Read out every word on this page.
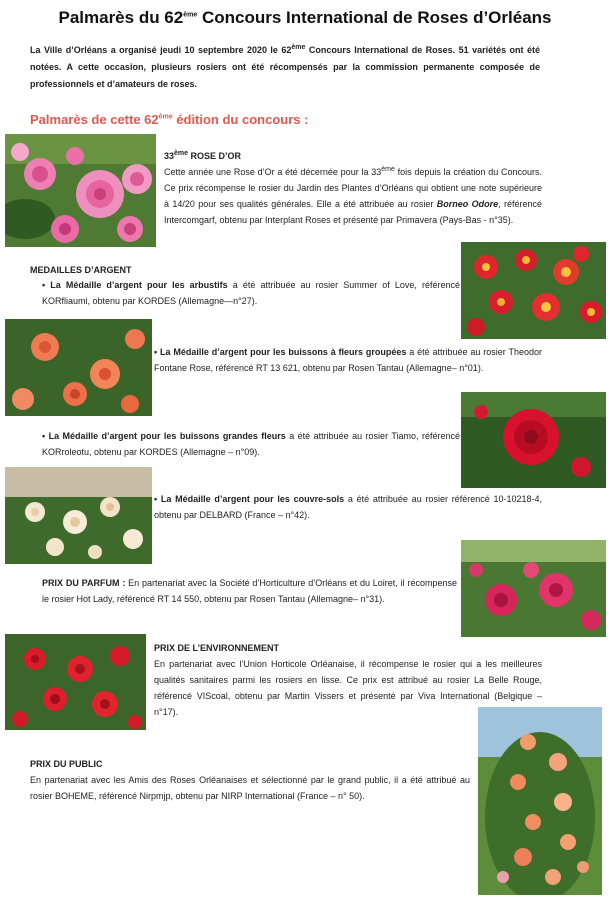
Palmarès du 62ème Concours International de Roses d’Orléans
La Ville d’Orléans a organisé jeudi 10 septembre 2020 le 62ème Concours International de Roses. 51 variétés ont été notées. A cette occasion, plusieurs rosiers ont été récompensés par la commission permanente composée de professionnels et d’amateurs de roses.
Palmarès de cette 62ème édition du concours :
33ème ROSE D’OR
Cette année une Rose d’Or a été décernée pour la 33ème fois depuis la création du Concours. Ce prix récompense le rosier du Jardin des Plantes d’Orléans qui obtient une note supérieure à 14/20 pour ses qualités générales. Elle a été attribuée au rosier Borneo Odore, référencé Intercomgarf, obtenu par Interplant Roses et présenté par Primavera (Pays-Bas - n°35).
MEDAILLES D’ARGENT
• La Médaille d’argent pour les arbustifs a été attribuée au rosier Summer of Love, référencé KORfliaumi, obtenu par KORDES (Allemagne—n°27).
• La Médaille d’argent pour les buissons à fleurs groupées a été attribuée au rosier Theodor Fontane Rose, référencé RT 13 621, obtenu par Rosen Tantau (Allemagne– n°01).
• La Médaille d’argent pour les buissons grandes fleurs a été attribuée au rosier Tiamo, référencé KORroleotu, obtenu par KORDES (Allemagne – n°09).
• La Médaille d’argent pour les couvre-sols a été attribuée au rosier référencé 10-10218-4, obtenu par DELBARD (France – n°42).
PRIX DU PARFUM : En partenariat avec la Société d’Horticulture d’Orléans et du Loiret, il récompense le rosier Hot Lady, référencé RT 14 550, obtenu par Rosen Tantau (Allemagne– n°31).
PRIX DE L’ENVIRONNEMENT
En partenariat avec l’Union Horticole Orléanaise, il récompense le rosier qui a les meilleures qualités sanitaires parmi les rosiers en lisse. Ce prix est attribué au rosier La Belle Rouge, référencé VIScoal, obtenu par Martin Vissers et présenté par Viva International (Belgique – n°17).
PRIX DU PUBLIC
En partenariat avec les Amis des Roses Orléanaises et sélectionné par le grand public, il a été attribué au rosier BOHEME, référencé Nirpmjp, obtenu par NIRP International (France – n° 50).
